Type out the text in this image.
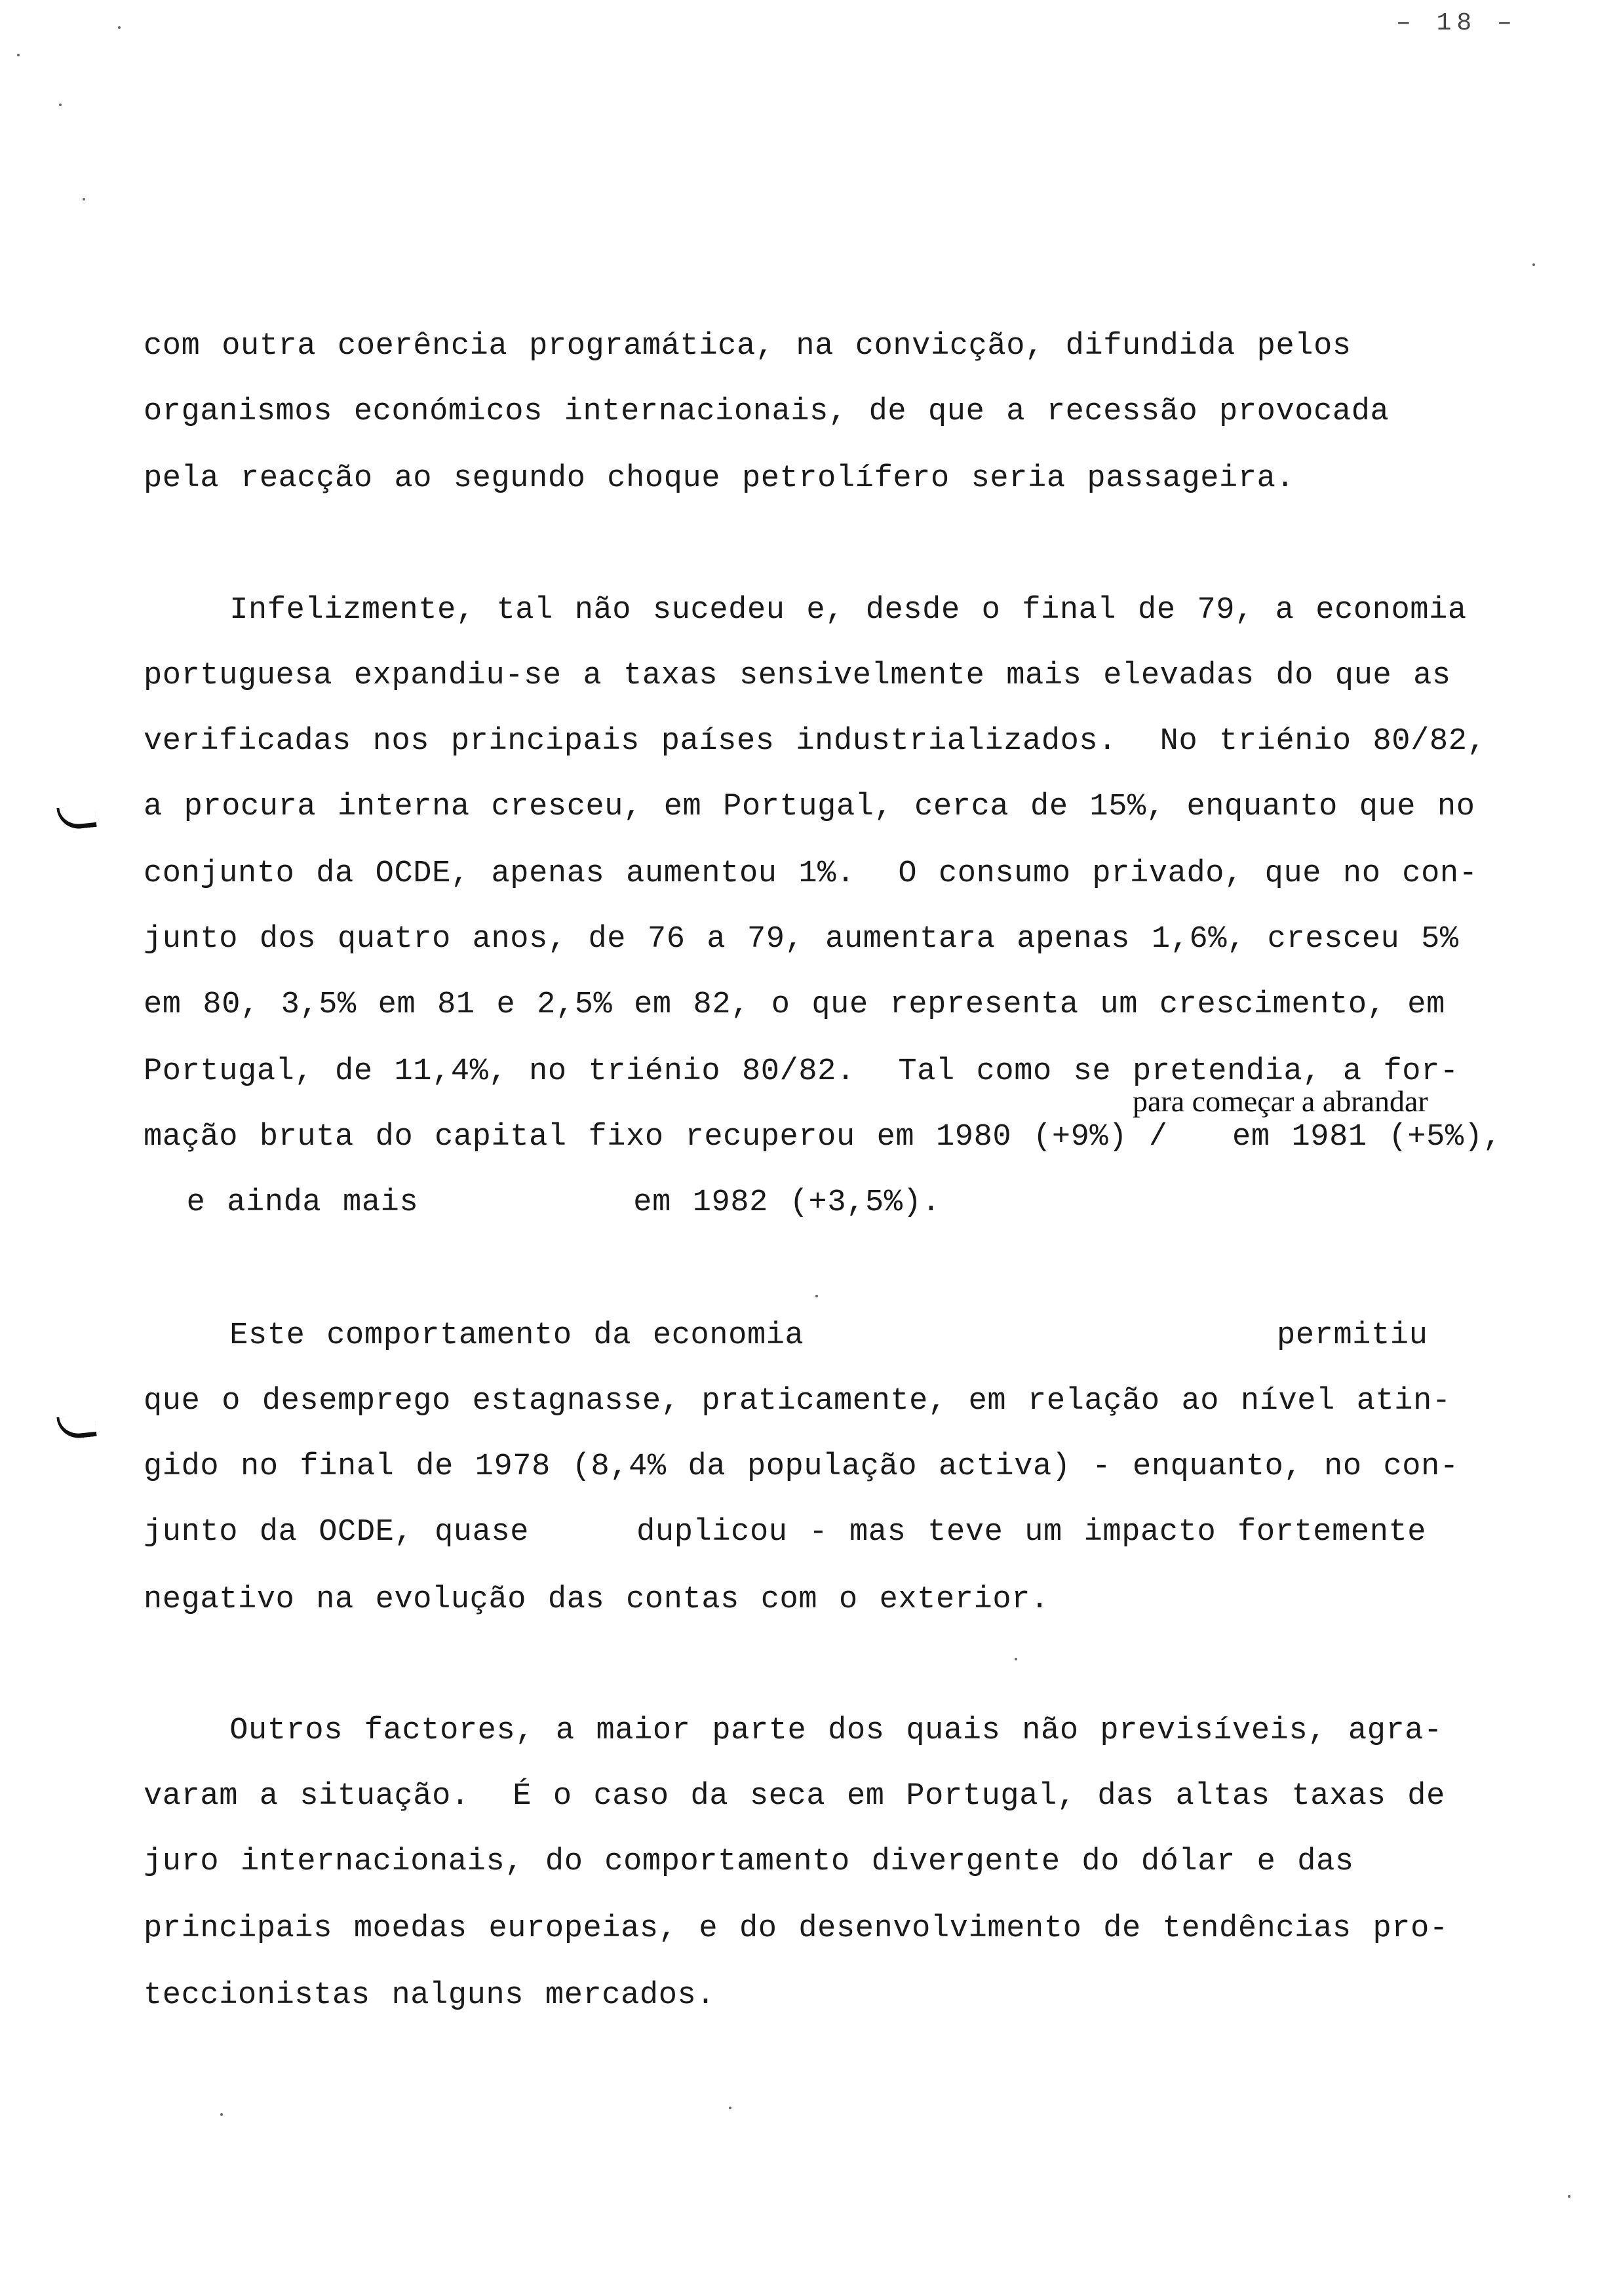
– 18 –
com outra coerência programática, na convicção, difundida pelos
organismos económicos internacionais, de que a recessão provocada
pela reacção ao segundo choque petrolífero seria passageira.
Infelizmente, tal não sucedeu e, desde o final de 79, a economia
portuguesa expandiu-se a taxas sensivelmente mais elevadas do que as
verificadas nos principais países industrializados.  No triénio 80/82,
a procura interna cresceu, em Portugal, cerca de 15%, enquanto que no
conjunto da OCDE, apenas aumentou 1%.  O consumo privado, que no con-
junto dos quatro anos, de 76 a 79, aumentara apenas 1,6%, cresceu 5%
em 80, 3,5% em 81 e 2,5% em 82, o que representa um crescimento, em
Portugal, de 11,4%, no triénio 80/82.  Tal como se pretendia, a for-
para começar a abrandar
mação bruta do capital fixo recuperou em 1980 (+9%) /   em 1981 (+5%),
e ainda mais          em 1982 (+3,5%).
Este comportamento da economia                      permitiu
que o desemprego estagnasse, praticamente, em relação ao nível atin-
gido no final de 1978 (8,4% da população activa) - enquanto, no con-
junto da OCDE, quase     duplicou - mas teve um impacto fortemente
negativo na evolução das contas com o exterior.
Outros factores, a maior parte dos quais não previsíveis, agra-
varam a situação.  É o caso da seca em Portugal, das altas taxas de
juro internacionais, do comportamento divergente do dólar e das
principais moedas europeias, e do desenvolvimento de tendências pro-
teccionistas nalguns mercados.
